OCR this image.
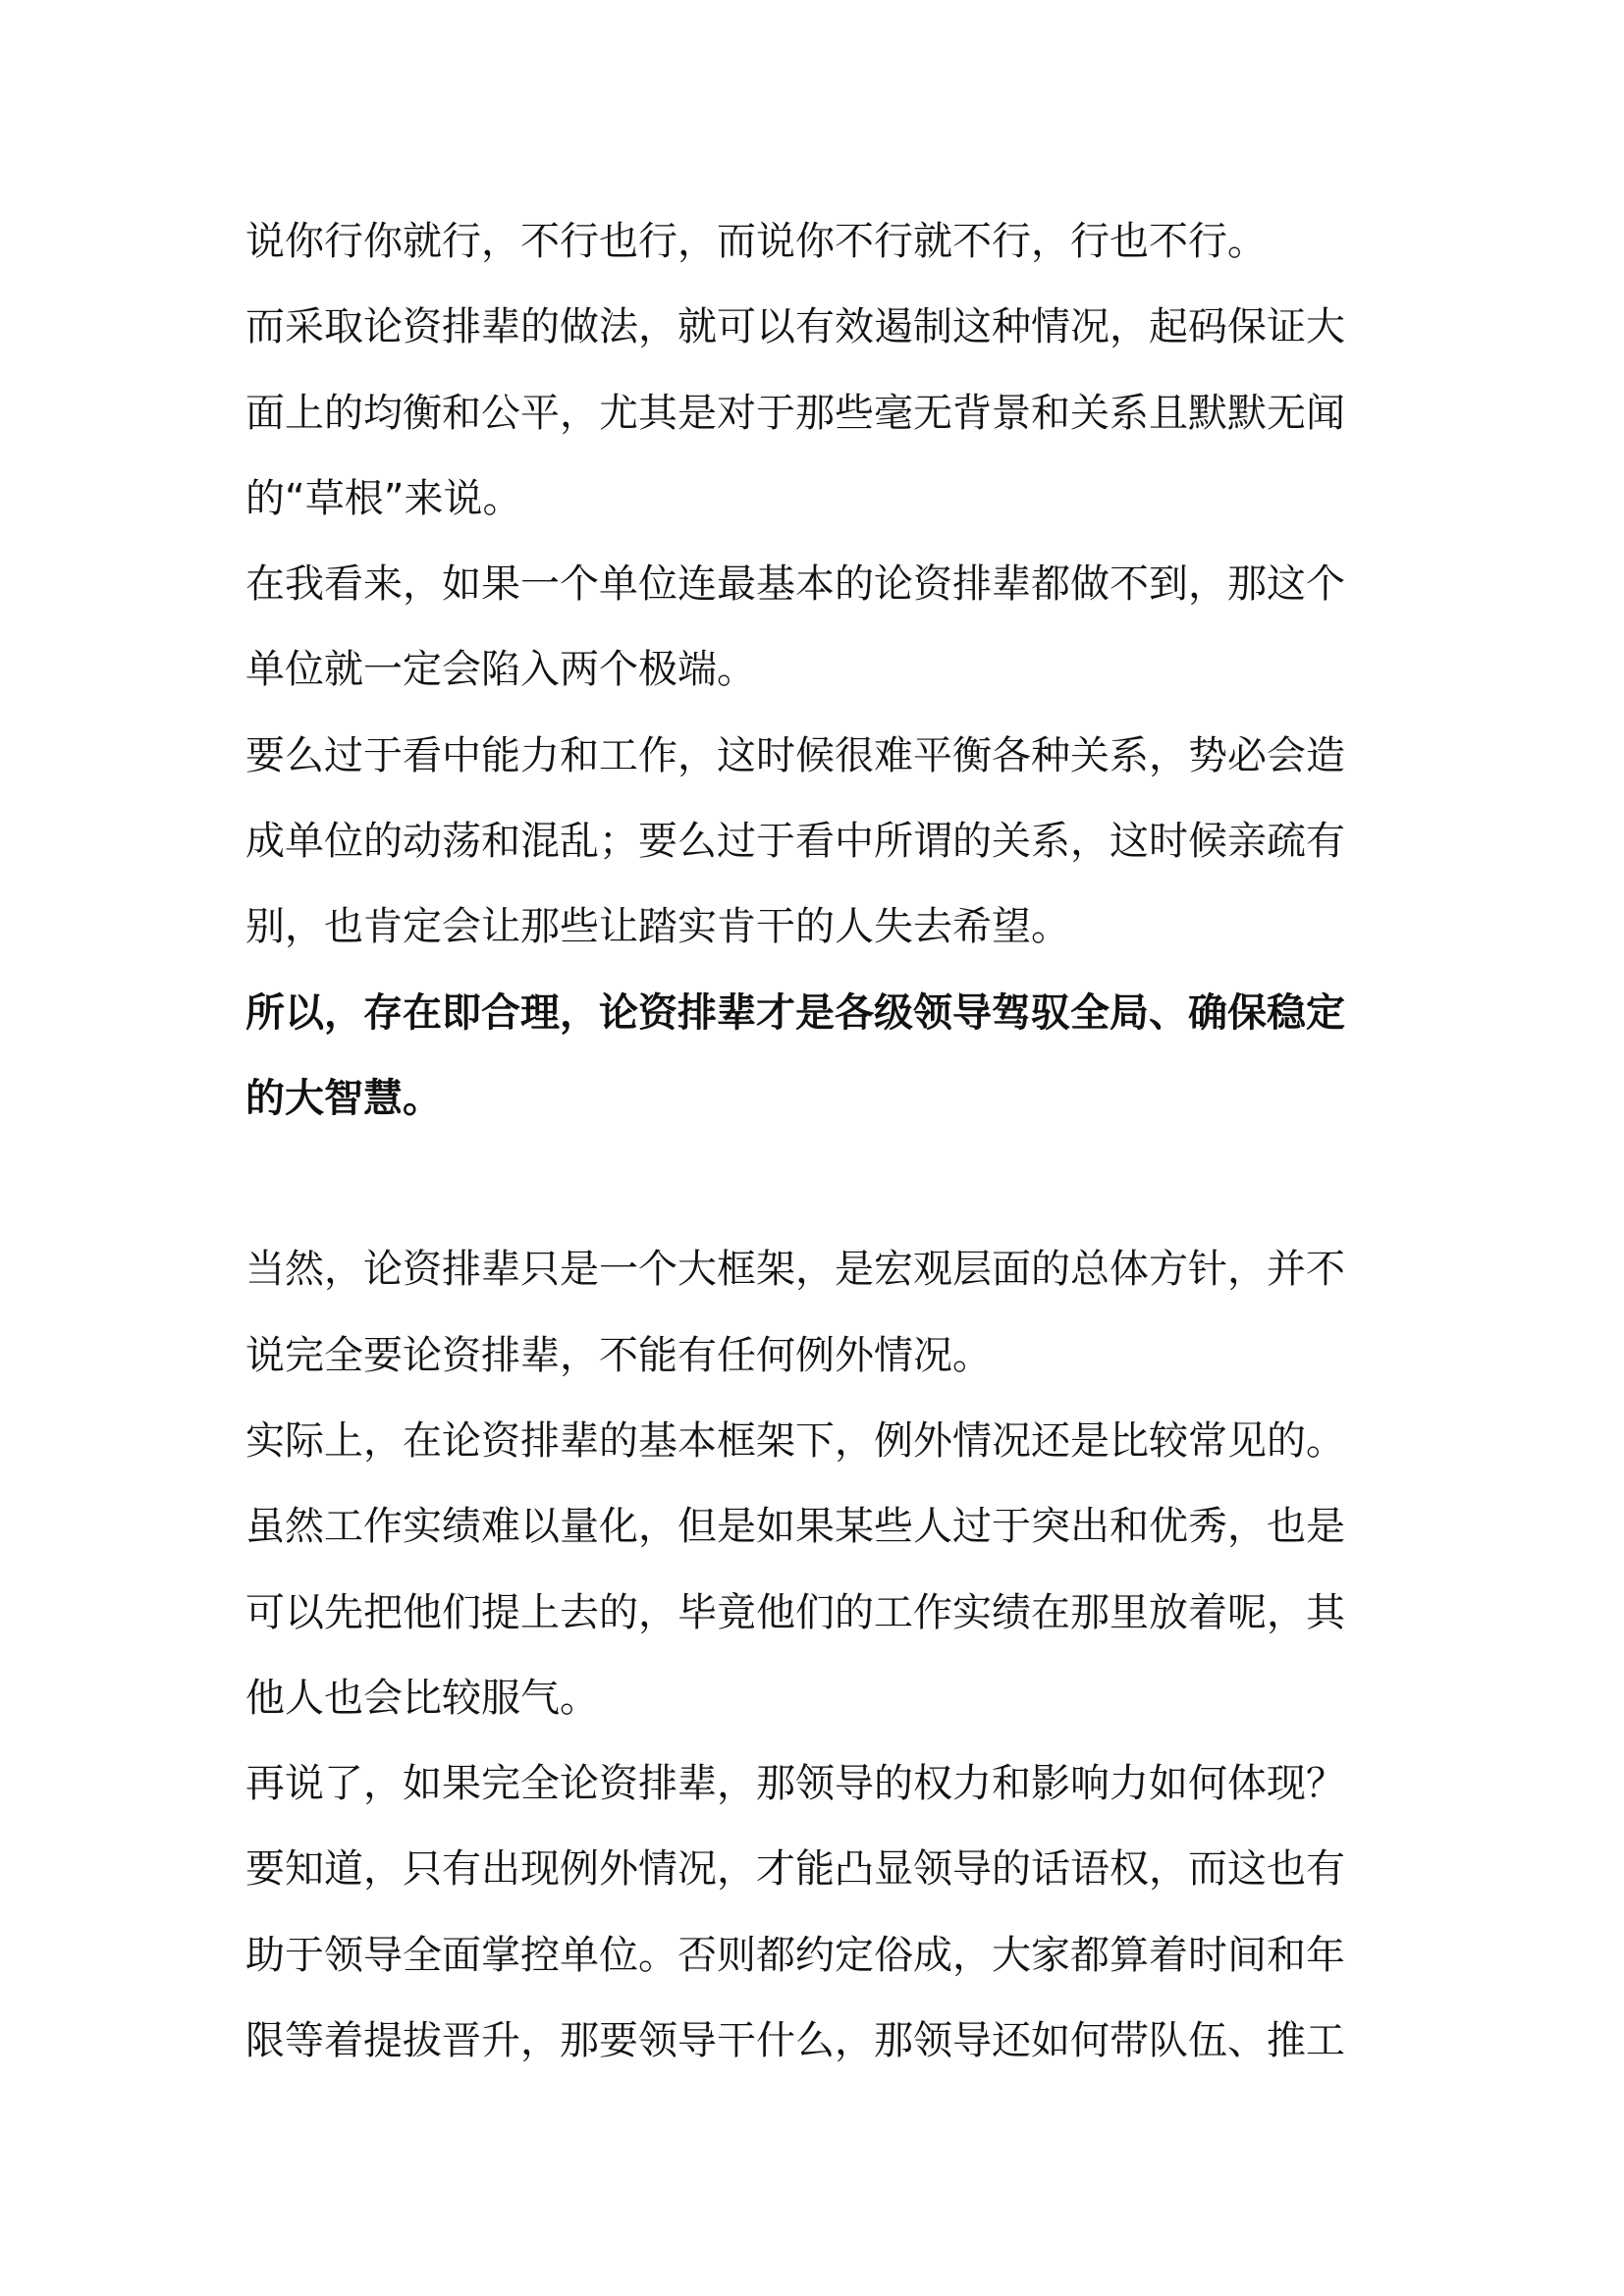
说你行你就行，不行也行，而说你不行就不行，行也不行。
而采取论资排辈的做法，就可以有效遏制这种情况，起码保证大
面上的均衡和公平，尤其是对于那些毫无背景和关系且默默无闻
的“草根”来说。
在我看来，如果一个单位连最基本的论资排辈都做不到，那这个
单位就一定会陷入两个极端。
要么过于看中能力和工作，这时候很难平衡各种关系，势必会造
成单位的动荡和混乱；要么过于看中所谓的关系，这时候亲疏有
别，也肯定会让那些让踏实肯干的人失去希望。
所以，存在即合理，论资排辈才是各级领导驾驭全局、确保稳定
的大智慧。
当然，论资排辈只是一个大框架，是宏观层面的总体方针，并不
说完全要论资排辈，不能有任何例外情况。
实际上，在论资排辈的基本框架下，例外情况还是比较常见的。
虽然工作实绩难以量化，但是如果某些人过于突出和优秀，也是
可以先把他们提上去的，毕竟他们的工作实绩在那里放着呢，其
他人也会比较服气。
再说了，如果完全论资排辈，那领导的权力和影响力如何体现？
要知道，只有出现例外情况，才能凸显领导的话语权，而这也有
助于领导全面掌控单位。否则都约定俗成，大家都算着时间和年
限等着提拔晋升，那要领导干什么，那领导还如何带队伍、推工
